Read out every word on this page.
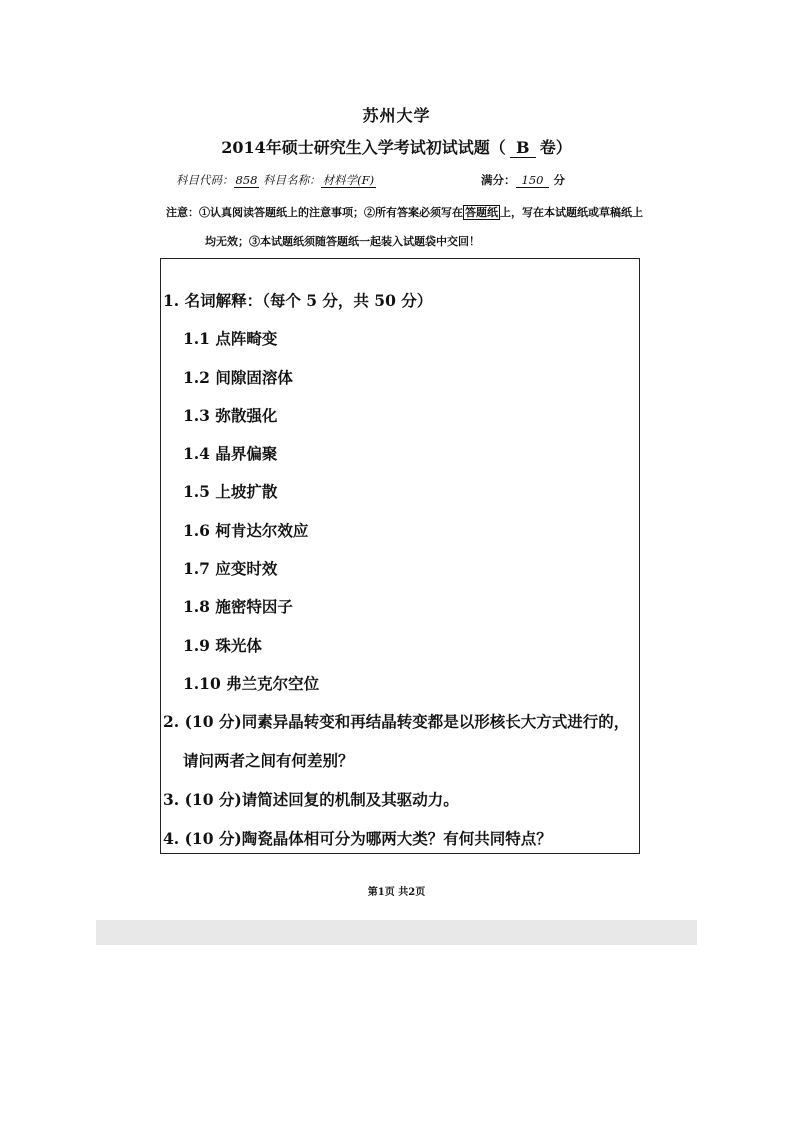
苏州大学
2014年硕士研究生入学考试初试试题（ B 卷）
科目代码： 858 科目名称： 材料学(F)	满分： 150 分
注意：①认真阅读答题纸上的注意事项；②所有答案必须写在 答题纸 上，写在本试题纸或草稿纸上
均无效；③本试题纸须随答题纸一起装入试题袋中交回！
1. 名词解释：（每个 5 分，共 50 分）
1.1 点阵畸变
1.2 间隙固溶体
1.3 弥散强化
1.4 晶界偏聚
1.5 上坡扩散
1.6 柯肯达尔效应
1.7 应变时效
1.8 施密特因子
1.9 珠光体
1.10 弗兰克尔空位
2. (10 分)同素异晶转变和再结晶转变都是以形核长大方式进行的，
请问两者之间有何差别？
3. (10 分)请简述回复的机制及其驱动力。
4. (10 分)陶瓷晶体相可分为哪两大类？有何共同特点？
第1页 共2页
